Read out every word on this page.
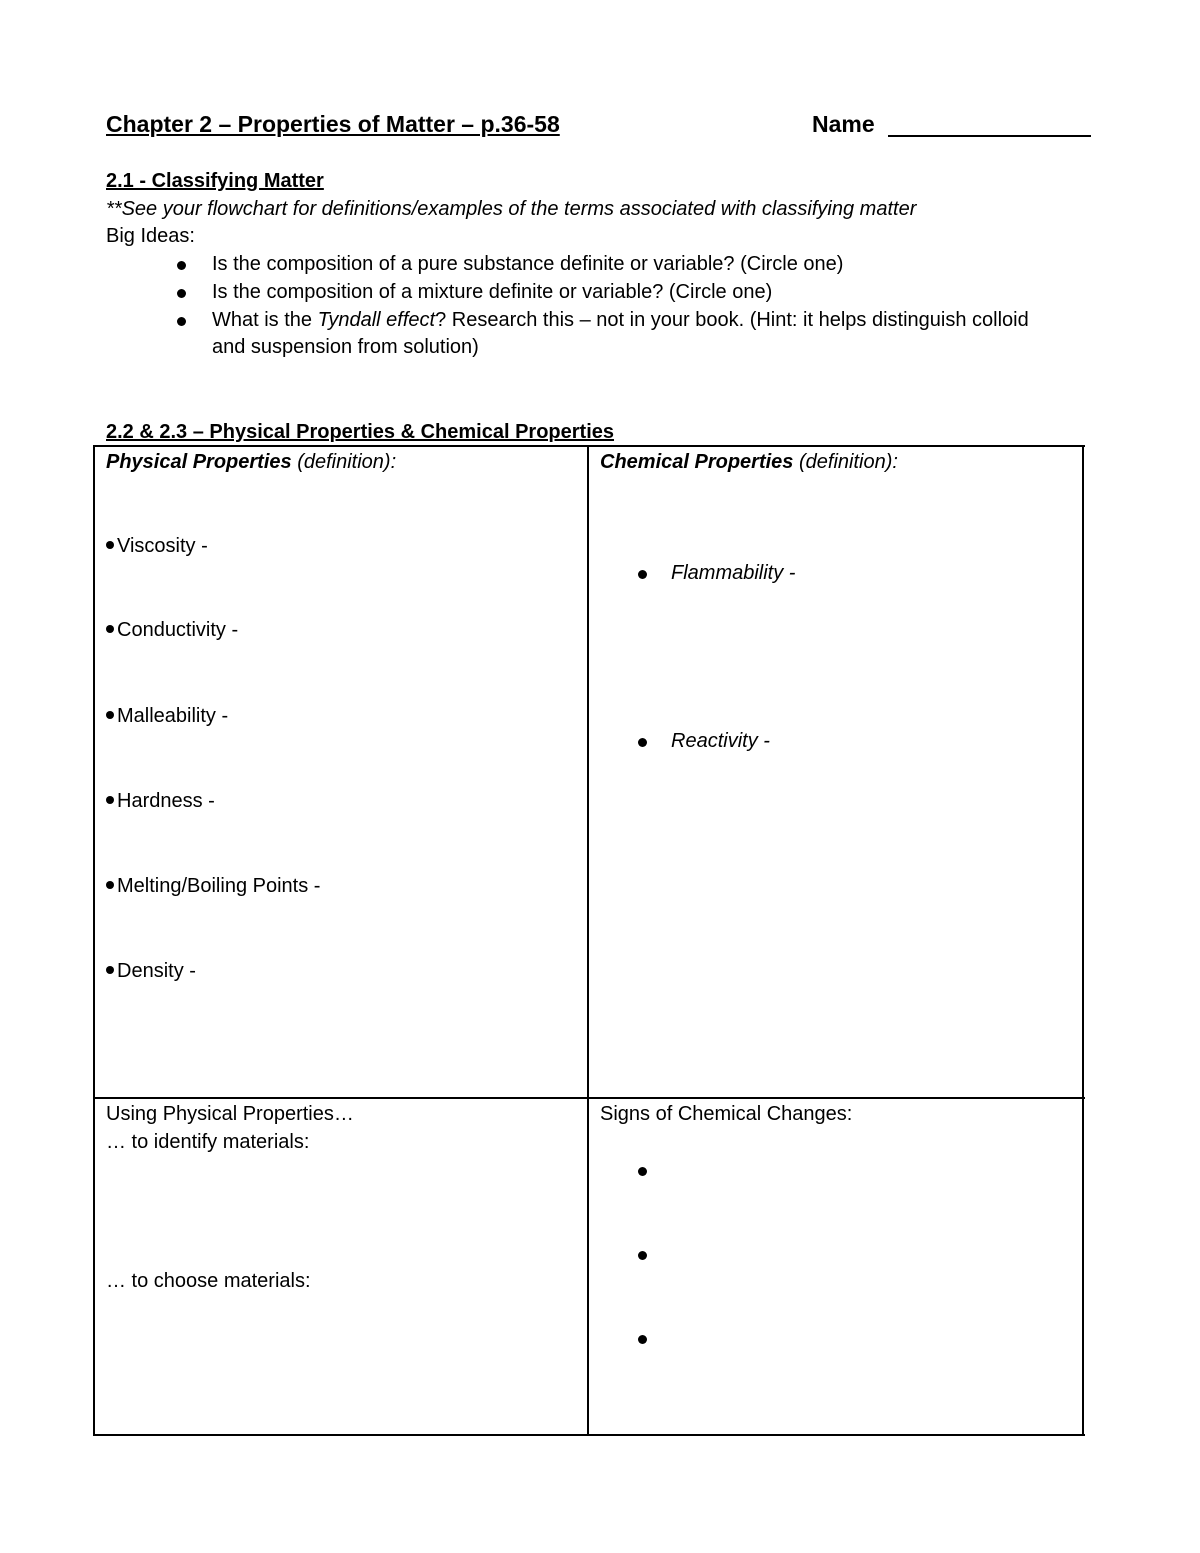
Chapter 2 – Properties of Matter – p.36-58	Name
2.1 - Classifying Matter
**See your flowchart for definitions/examples of the terms associated with classifying matter
Big Ideas:
Is the composition of a pure substance definite or variable? (Circle one)
Is the composition of a mixture definite or variable? (Circle one)
What is the Tyndall effect? Research this – not in your book. (Hint: it helps distinguish colloid
and suspension from solution)
2.2 & 2.3 – Physical Properties & Chemical Properties
Physical Properties (definition):
Viscosity -
Conductivity -
Malleability -
Hardness -
Melting/Boiling Points -
Density -
Chemical Properties (definition):
Flammability -
Reactivity -
Using Physical Properties…
… to identify materials:
… to choose materials:
Signs of Chemical Changes:
